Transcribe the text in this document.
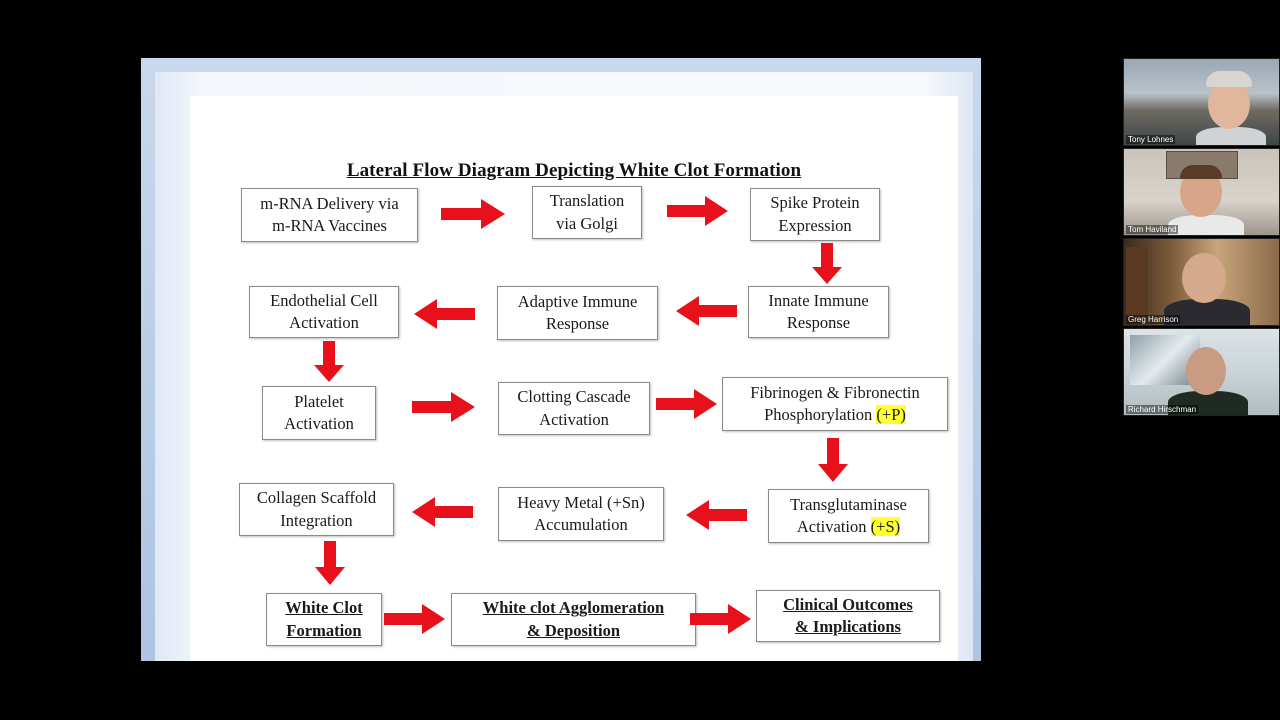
Lateral Flow Diagram Depicting White Clot Formation
m-RNA Delivery via
m-RNA Vaccines
Translation
via Golgi
Spike Protein
Expression
Endothelial Cell
Activation
Adaptive Immune
Response
Innate Immune
Response
Platelet
Activation
Clotting Cascade
Activation
Fibrinogen & Fibronectin
Phosphorylation (+P)
Collagen Scaffold
Integration
Heavy Metal (+Sn)
Accumulation
Transglutaminase
Activation (+S)
White Clot
Formation
White clot Agglomeration
& Deposition
Clinical Outcomes
& Implications
Tony Lohnes
Tom Haviland
Greg Harrison
Richard Hirschman
